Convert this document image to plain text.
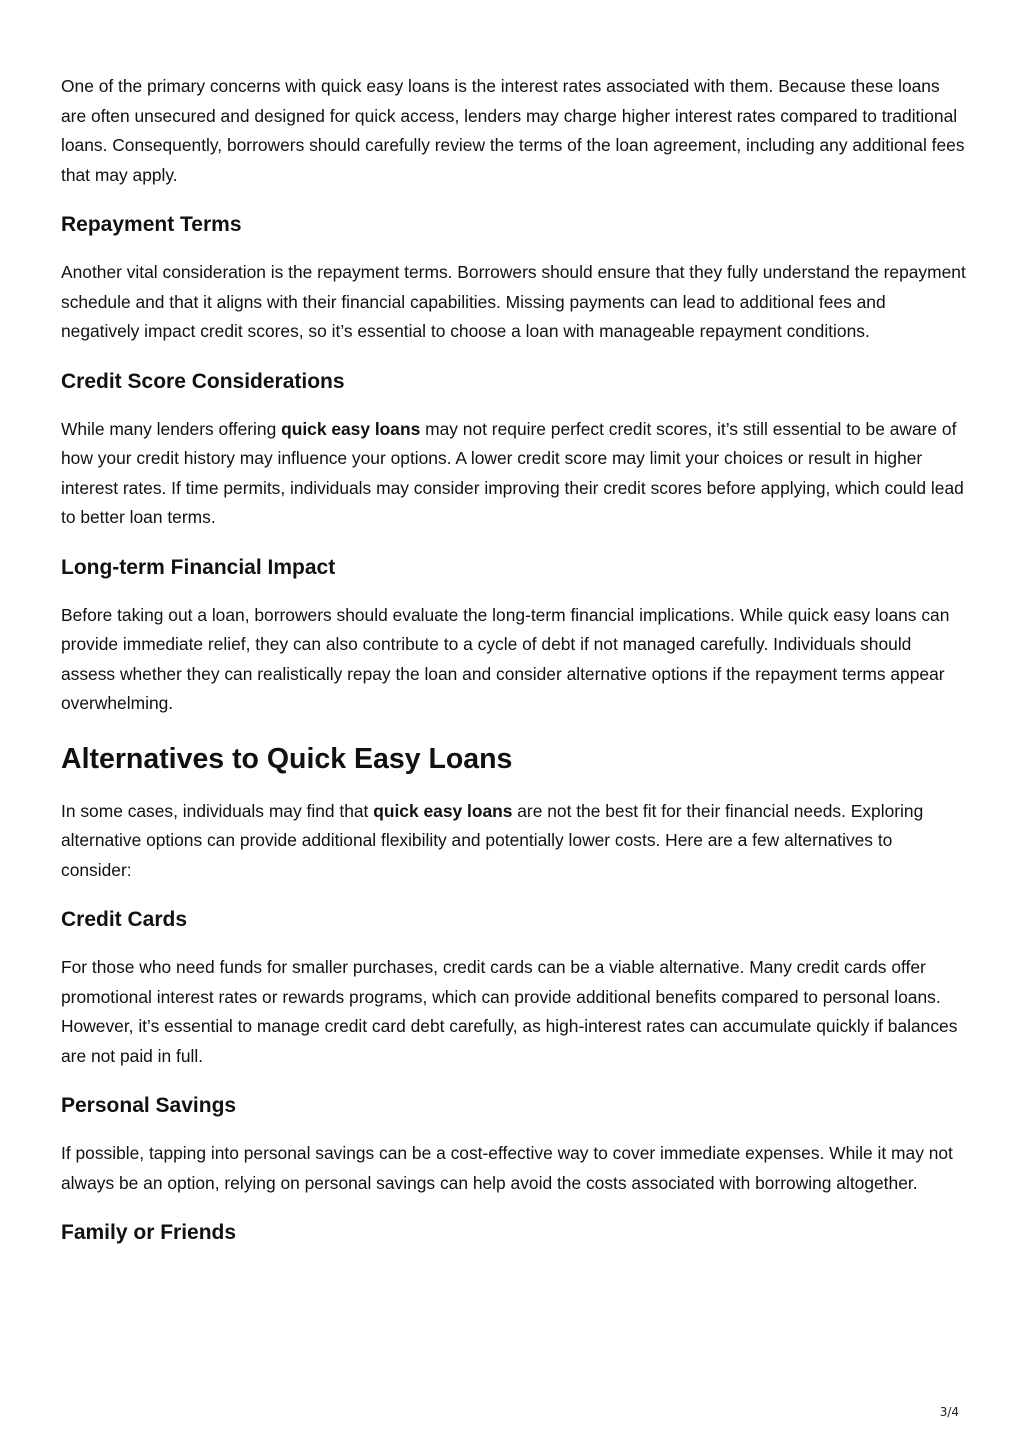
One of the primary concerns with quick easy loans is the interest rates associated with them. Because these loans are often unsecured and designed for quick access, lenders may charge higher interest rates compared to traditional loans. Consequently, borrowers should carefully review the terms of the loan agreement, including any additional fees that may apply.

Repayment Terms

Another vital consideration is the repayment terms. Borrowers should ensure that they fully understand the repayment schedule and that it aligns with their financial capabilities. Missing payments can lead to additional fees and negatively impact credit scores, so it’s essential to choose a loan with manageable repayment conditions.

Credit Score Considerations

While many lenders offering quick easy loans may not require perfect credit scores, it’s still essential to be aware of how your credit history may influence your options. A lower credit score may limit your choices or result in higher interest rates. If time permits, individuals may consider improving their credit scores before applying, which could lead to better loan terms.

Long-term Financial Impact

Before taking out a loan, borrowers should evaluate the long-term financial implications. While quick easy loans can provide immediate relief, they can also contribute to a cycle of debt if not managed carefully. Individuals should assess whether they can realistically repay the loan and consider alternative options if the repayment terms appear overwhelming.

Alternatives to Quick Easy Loans

In some cases, individuals may find that quick easy loans are not the best fit for their financial needs. Exploring alternative options can provide additional flexibility and potentially lower costs. Here are a few alternatives to consider:

Credit Cards

For those who need funds for smaller purchases, credit cards can be a viable alternative. Many credit cards offer promotional interest rates or rewards programs, which can provide additional benefits compared to personal loans. However, it’s essential to manage credit card debt carefully, as high-interest rates can accumulate quickly if balances are not paid in full.

Personal Savings

If possible, tapping into personal savings can be a cost-effective way to cover immediate expenses. While it may not always be an option, relying on personal savings can help avoid the costs associated with borrowing altogether.

Family or Friends
3/4
